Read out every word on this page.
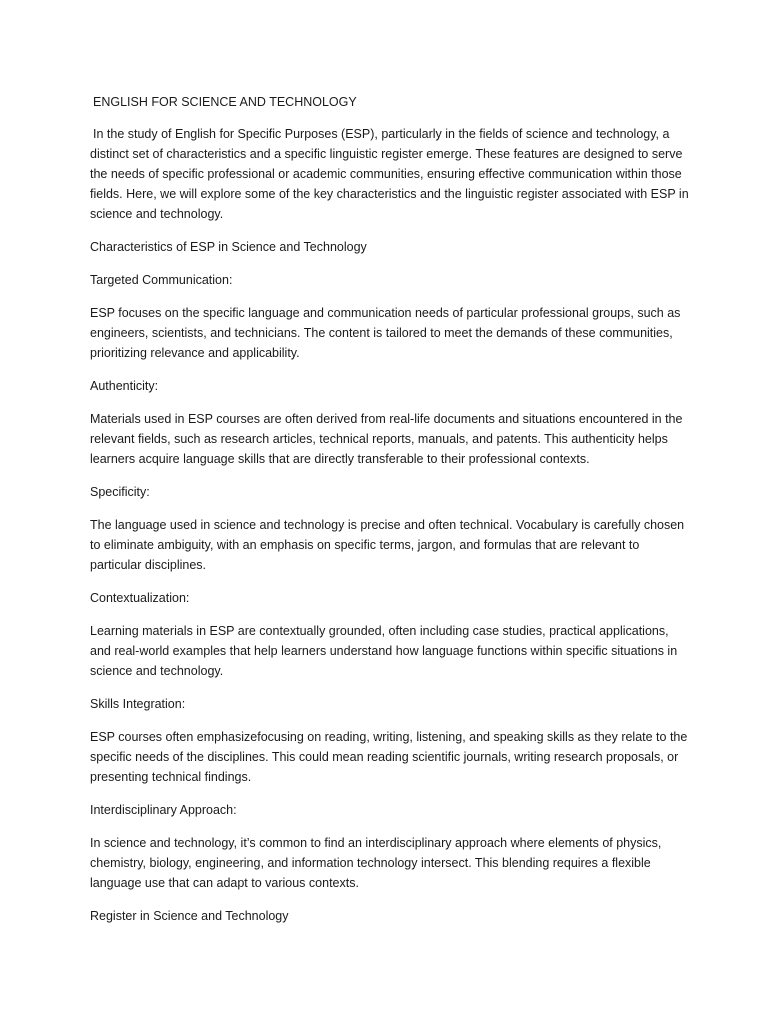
ENGLISH FOR SCIENCE AND TECHNOLOGY

In the study of English for Specific Purposes (ESP), particularly in the fields of science and technology, a distinct set of characteristics and a specific linguistic register emerge. These features are designed to serve the needs of specific professional or academic communities, ensuring effective communication within those fields. Here, we will explore some of the key characteristics and the linguistic register associated with ESP in science and technology.

Characteristics of ESP in Science and Technology
Targeted Communication:

ESP focuses on the specific language and communication needs of particular professional groups, such as engineers, scientists, and technicians. The content is tailored to meet the demands of these communities, prioritizing relevance and applicability.

Authenticity:

Materials used in ESP courses are often derived from real-life documents and situations encountered in the relevant fields, such as research articles, technical reports, manuals, and patents. This authenticity helps learners acquire language skills that are directly transferable to their professional contexts.

Specificity:

The language used in science and technology is precise and often technical. Vocabulary is carefully chosen to eliminate ambiguity, with an emphasis on specific terms, jargon, and formulas that are relevant to particular disciplines.

Contextualization:

Learning materials in ESP are contextually grounded, often including case studies, practical applications, and real-world examples that help learners understand how language functions within specific situations in science and technology.

Skills Integration:

ESP courses often emphasizefocusing on reading, writing, listening, and speaking skills as they relate to the specific needs of the disciplines. This could mean reading scientific journals, writing research proposals, or presenting technical findings.

Interdisciplinary Approach:

In science and technology, it’s common to find an interdisciplinary approach where elements of physics, chemistry, biology, engineering, and information technology intersect. This blending requires a flexible language use that can adapt to various contexts.

Register in Science and Technology
